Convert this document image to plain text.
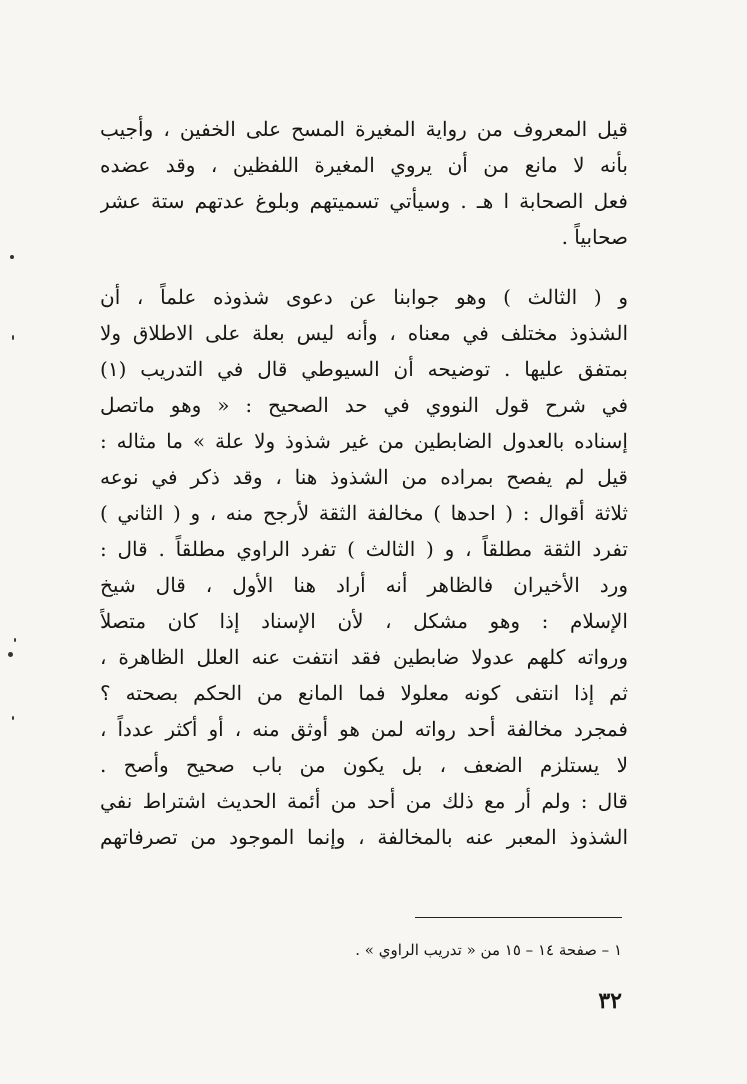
قيل المعروف من رواية المغيرة المسح على الخفين ، وأجيب
بأنه لا مانع من أن يروي المغيرة اللفظين ، وقد عضده
فعل الصحابة ا هـ . وسيأتي تسميتهم وبلوغ عدتهم ستة عشر
صحابياً .
و ( الثالث ) وهو جوابنا عن دعوى شذوذه علماً ، أن
الشذوذ مختلف في معناه ، وأنه ليس بعلة على الاطلاق ولا
بمتفق عليها . توضيحه أن السيوطي قال في التدريب (١)
في شرح قول النووي في حد الصحيح : « وهو ماتصل
إسناده بالعدول الضابطين من غير شذوذ ولا علة » ما مثاله :
قيل لم يفصح بمراده من الشذوذ هنا ، وقد ذكر في نوعه
ثلاثة أقوال : ( احدها ) مخالفة الثقة لأرجح منه ، و ( الثاني )
تفرد الثقة مطلقاً ، و ( الثالث ) تفرد الراوي مطلقاً . قال :
ورد الأخيران فالظاهر أنه أراد هنا الأول ، قال شيخ
الإسلام : وهو مشكل ، لأن الإسناد إذا كان متصلاً
ورواته كلهم عدولا ضابطين فقد انتفت عنه العلل الظاهرة ،
ثم إذا انتفى كونه معلولا فما المانع من الحكم بصحته ؟
فمجرد مخالفة أحد رواته لمن هو أوثق منه ، أو أكثر عدداً ،
لا يستلزم الضعف ، بل يكون من باب صحيح وأصح .
قال : ولم أر مع ذلك من أحد من أئمة الحديث اشتراط نفي
الشذوذ المعبر عنه بالمخالفة ، وإنما الموجود من تصرفاتهم
١ – صفحة ١٤ – ١٥ من « تدريب الراوي » .
٣٢
